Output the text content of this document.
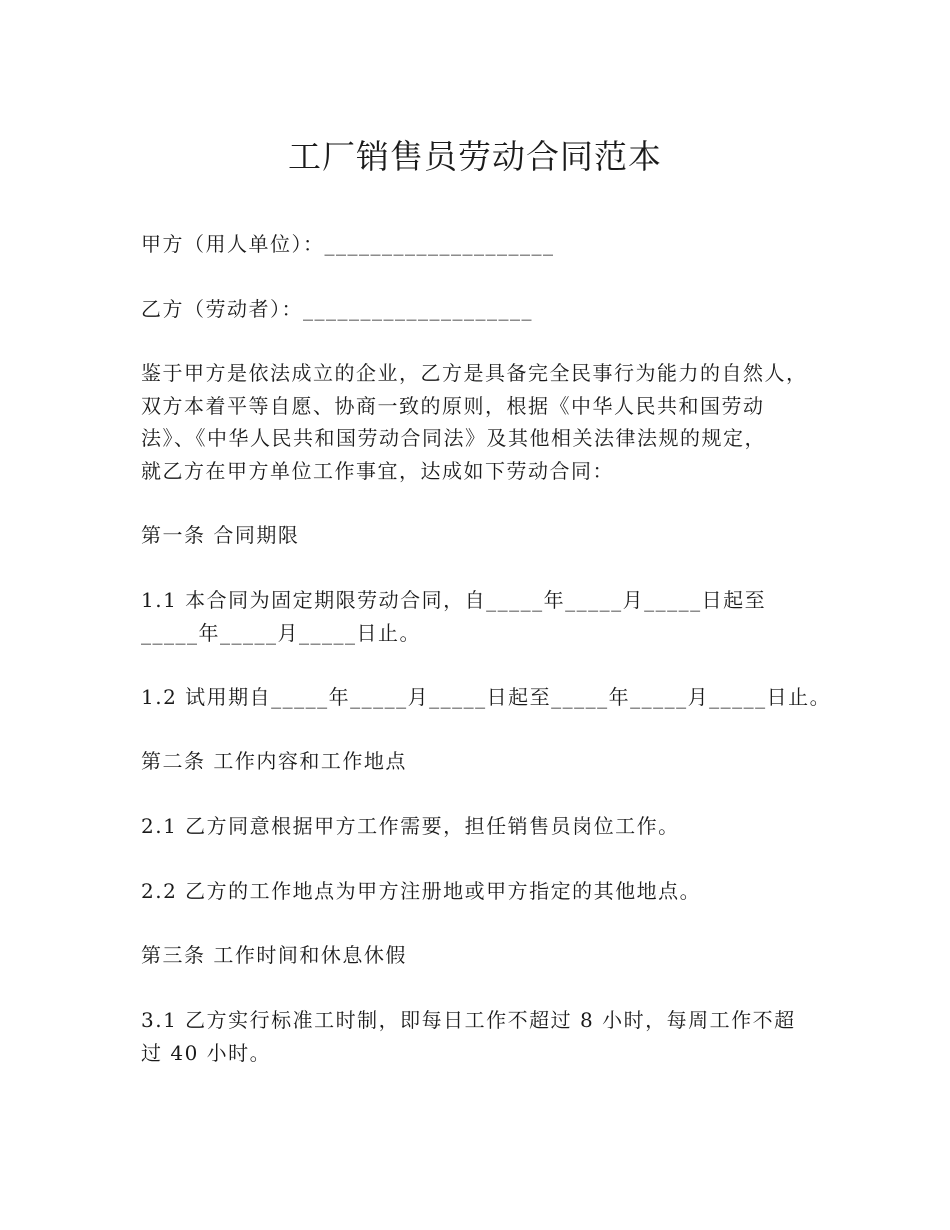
工厂销售员劳动合同范本

甲方（用人单位）：____________________

乙方（劳动者）：____________________

鉴于甲方是依法成立的企业，乙方是具备完全民事行为能力的自然人，

双方本着平等自愿、协商一致的原则，根据《中华人民共和国劳动

法》、《中华人民共和国劳动合同法》及其他相关法律法规的规定，

就乙方在甲方单位工作事宜，达成如下劳动合同：

第一条 合同期限

1.1 本合同为固定期限劳动合同，自_____年_____月_____日起至

_____年_____月_____日止。

1.2 试用期自_____年_____月_____日起至_____年_____月_____日止。

第二条 工作内容和工作地点

2.1 乙方同意根据甲方工作需要，担任销售员岗位工作。

2.2 乙方的工作地点为甲方注册地或甲方指定的其他地点。

第三条 工作时间和休息休假

3.1 乙方实行标准工时制，即每日工作不超过 8 小时，每周工作不超

过 40 小时。
